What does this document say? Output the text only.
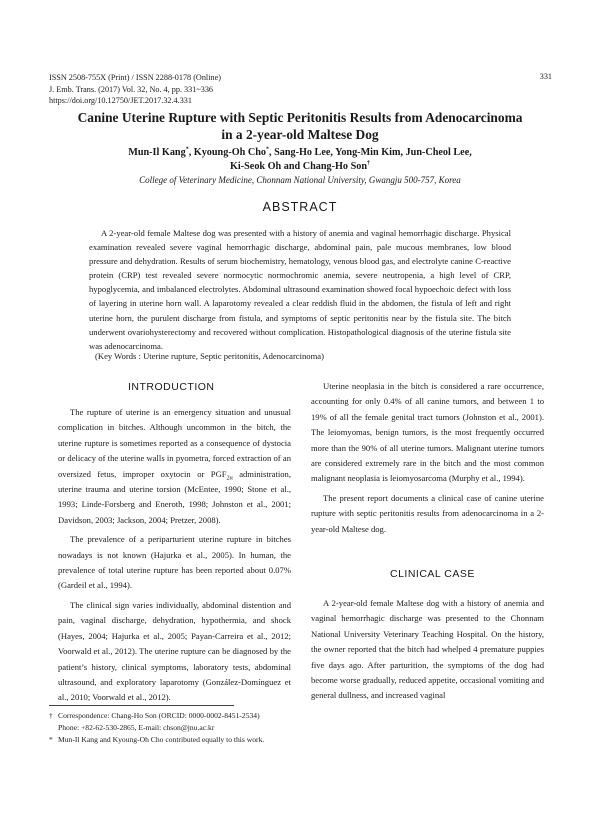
ISSN 2508-755X (Print) / ISSN 2288-0178 (Online)
J. Emb. Trans. (2017) Vol. 32, No. 4, pp. 331~336
https://doi.org/10.12750/JET.2017.32.4.331
331
Canine Uterine Rupture with Septic Peritonitis Results from Adenocarcinoma
in a 2-year-old Maltese Dog
Mun-Il Kang*, Kyoung-Oh Cho*, Sang-Ho Lee, Yong-Min Kim, Jun-Cheol Lee,
Ki-Seok Oh and Chang-Ho Son†
College of Veterinary Medicine, Chonnam National University, Gwangju 500-757, Korea
ABSTRACT

A 2-year-old female Maltese dog was presented with a history of anemia and vaginal hemorrhagic discharge. Physical examination revealed severe vaginal hemorrhagic discharge, abdominal pain, pale mucous membranes, low blood pressure and dehydration. Results of serum biochemistry, hematology, venous blood gas, and electrolyte canine C-reactive protein (CRP) test revealed severe normocytic normochromic anemia, severe neutropenia, a high level of CRP, hypoglycemia, and imbalanced electrolytes. Abdominal ultrasound examination showed focal hypoechoic defect with loss of layering in uterine horn wall. A laparotomy revealed a clear reddish fluid in the abdomen, the fistula of left and right uterine horn, the purulent discharge from fistula, and symptoms of septic peritonitis near by the fistula site. The bitch underwent ovariohysterectomy and recovered without complication. Histopathological diagnosis of the uterine fistula site was adenocarcinoma.

(Key Words : Uterine rupture, Septic peritonitis, Adenocarcinoma)
INTRODUCTION

The rupture of uterine is an emergency situation and unusual complication in bitches. Although uncommon in the bitch, the uterine rupture is sometimes reported as a consequence of dystocia or delicacy of the uterine walls in pyometra, forced extraction of an oversized fetus, improper oxytocin or $PGF_{2\alpha}$ administration, uterine trauma and uterine torsion (McEntee, 1990; Stone et al., 1993; Linde-Forsberg and Eneroth, 1998; Johnston et al., 2001; Davidson, 2003; Jackson, 2004; Pretzer, 2008).

The prevalence of a periparturient uterine rupture in bitches nowadays is not known (Hajurka et al., 2005). In human, the prevalence of total uterine rupture has been reported about 0.07% (Gardeil et al., 1994).

The clinical sign varies individually, abdominal distention and pain, vaginal discharge, dehydration, hypothermia, and shock (Hayes, 2004; Hajurka et al., 2005; Payan-Carreira et al., 2012; Voorwald et al., 2012). The uterine rupture can be diagnosed by the patient’s history, clinical symptoms, laboratory tests, abdominal ultrasound, and exploratory laparotomy (González-Domínguez et al., 2010; Voorwald et al., 2012).

Uterine neoplasia in the bitch is considered a rare occurrence, accounting for only 0.4% of all canine tumors, and between 1 to 19% of all the female genital tract tumors (Johnston et al., 2001). The leiomyomas, benign tumors, is the most frequently occurred more than the 90% of all uterine tumors. Malignant uterine tumors are considered extremely rare in the bitch and the most common malignant neoplasia is leiomyosarcoma (Murphy et al., 1994).

The present report documents a clinical case of canine uterine rupture with septic peritonitis results from adenocarcinoma in a 2-year-old Maltese dog.

CLINICAL CASE

A 2-year-old female Maltese dog with a history of anemia and vaginal hemorrhagic discharge was presented to the Chonnam National University Veterinary Teaching Hospital. On the history, the owner reported that the bitch had whelped 4 premature puppies five days ago. After parturition, the symptoms of the dog had become worse gradually, reduced appetite, occasional vomiting and general dullness, and increased vaginal

† Correspondence: Chang-Ho Son (ORCID: 0000-0002-8451-2534)
Phone: +82-62-530-2865, E-mail: chson@jnu.ac.kr
* Mun-Il Kang and Kyoung-Oh Cho contributed equally to this work.
